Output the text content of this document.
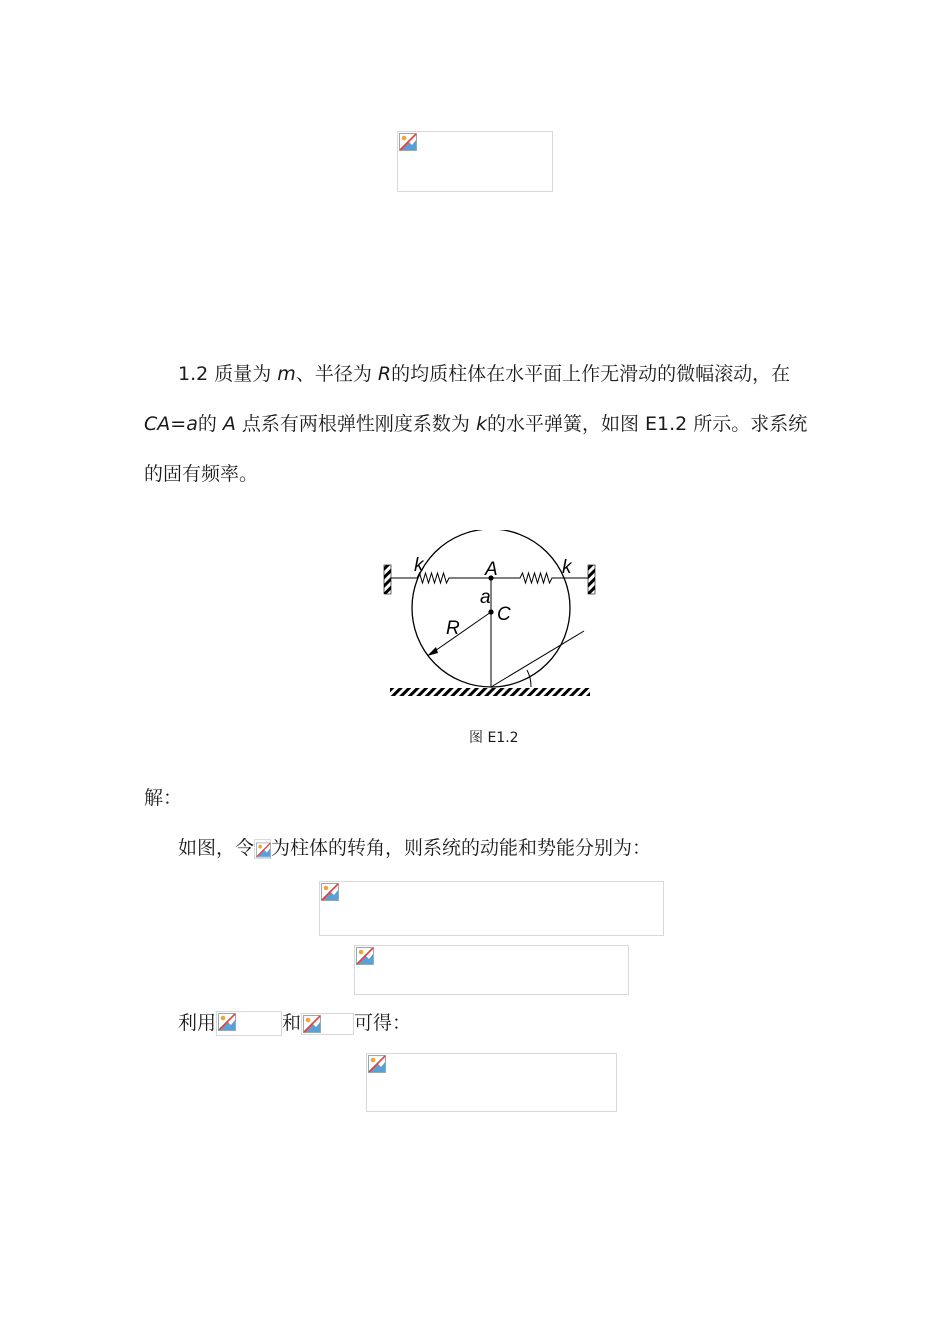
1.2 质量为 m、半径为 R的均质柱体在水平面上作无滑动的微幅滚动，在
CA=a的 A 点系有两根弹性刚度系数为 k的水平弹簧，如图 E1.2 所示。求系统
的固有频率。
k	k
A
a
C
R
图 E1.2
解：
如图，令 为柱体的转角，则系统的动能和势能分别为：
利用	和	可得：
